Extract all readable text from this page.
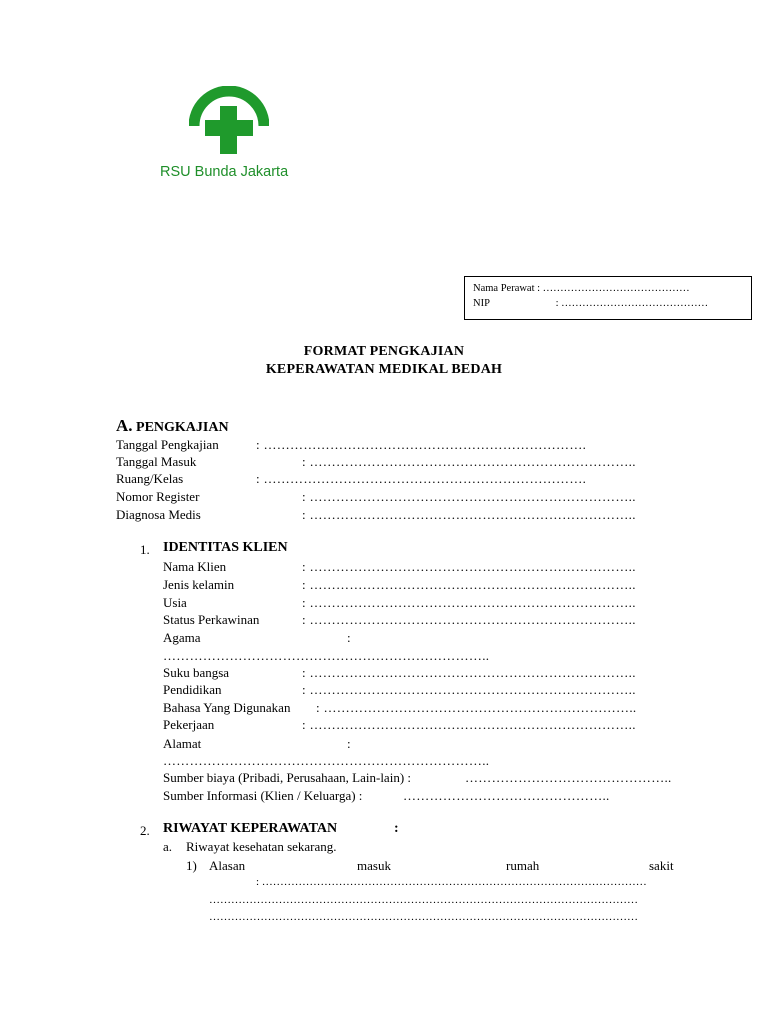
RSU Bunda Jakarta
Nama Perawat : ……………………………………
NIP	: ……………………………………
FORMAT PENGKAJIAN
KEPERAWATAN MEDIKAL BEDAH
A. PENGKAJIAN
Tanggal Pengkajian	: ……………………………………………………………….
Tanggal Masuk	: ………………………………………………………………..
Ruang/Kelas	: ……………………………………………………………….
Nomor Register	: ………………………………………………………………..
Diagnosa Medis	: ………………………………………………………………..
1. IDENTITAS KLIEN
Nama Klien	: ………………………………………………………………..
Jenis kelamin	: ………………………………………………………………..
Usia	: ………………………………………………………………..
Status Perkawinan	: ………………………………………………………………..
Agama	:
………………………………………………………………..
Suku bangsa	: ………………………………………………………………..
Pendidikan	: ………………………………………………………………..
Bahasa Yang Digunakan : ……………………………………………………………..
Pekerjaan	: ………………………………………………………………..
Alamat	:
………………………………………………………………..
Sumber biaya (Pribadi, Perusahaan, Lain-lain) :	………………………………………..
Sumber Informasi (Klien / Keluarga) :	………………………………………..
2. RIWAYAT KEPERAWATAN	:
a. Riwayat kesehatan sekarang.
1) Alasan	masuk	rumah	sakit
: ……………………………………………………………………………………………
………………………………………………………………………………………………………
………………………………………………………………………………………………………
